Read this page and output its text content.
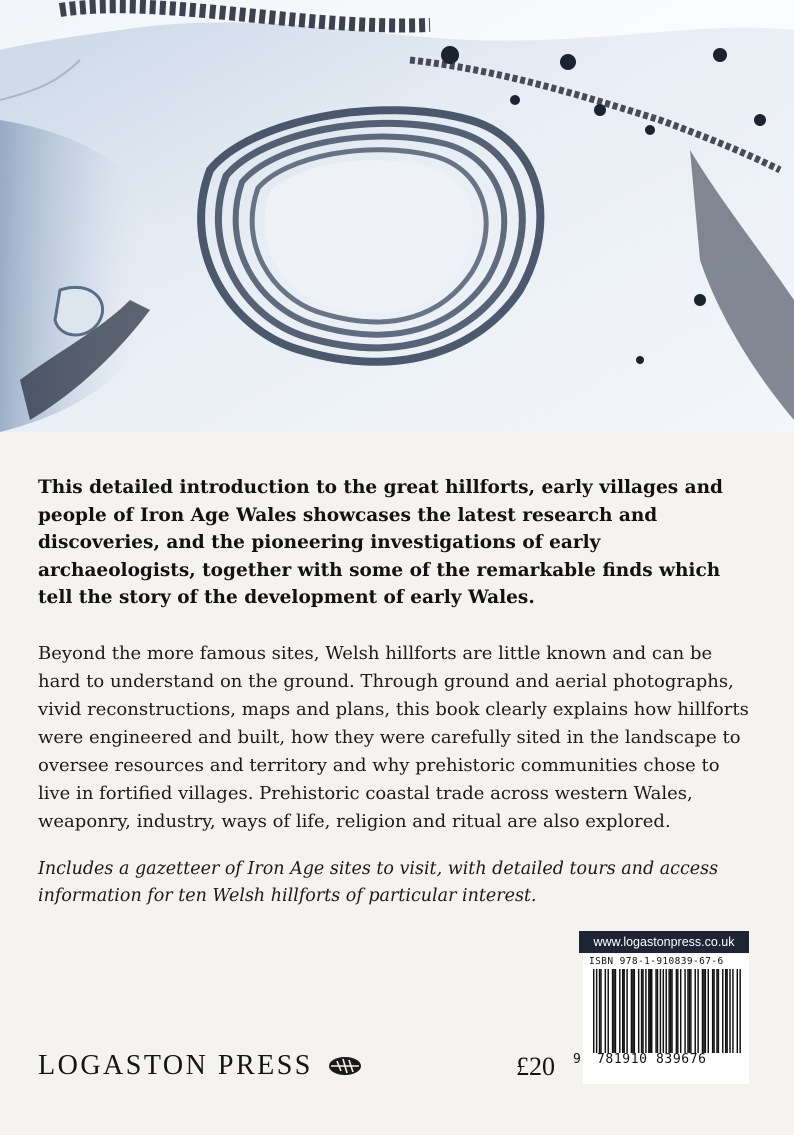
This detailed introduction to the great hillforts, early villages and people of Iron Age Wales showcases the latest research and discoveries, and the pioneering investigations of early archaeologists, together with some of the remarkable finds which tell the story of the development of early Wales.

Beyond the more famous sites, Welsh hillforts are little known and can be hard to understand on the ground. Through ground and aerial photographs, vivid reconstructions, maps and plans, this book clearly explains how hillforts were engineered and built, how they were carefully sited in the landscape to oversee resources and territory and why prehistoric communities chose to live in fortified villages. Prehistoric coastal trade across western Wales, weaponry, industry, ways of life, religion and ritual are also explored.

Includes a gazetteer of Iron Age sites to visit, with detailed tours and access information for ten Welsh hillforts of particular interest.

LOGASTON PRESS	£20
www.logastonpress.co.uk
ISBN 978-1-910839-67-6
9 781910 839676
